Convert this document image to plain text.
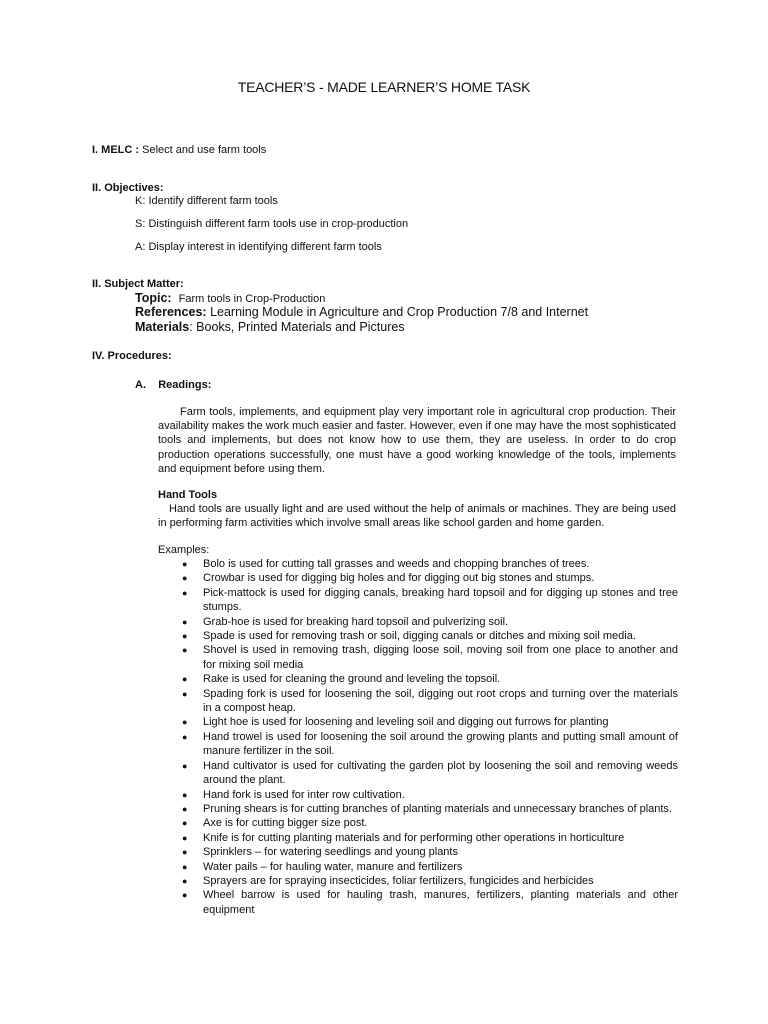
TEACHER’S - MADE LEARNER’S HOME TASK
I. MELC : Select and use farm tools
II. Objectives:
K: Identify different farm tools
S: Distinguish different farm tools use in crop-production
A: Display interest in identifying different farm tools
II. Subject Matter:
Topic: Farm tools in Crop-Production
References: Learning Module in Agriculture and Crop Production 7/8 and Internet
Materials: Books, Printed Materials and Pictures
IV. Procedures:
A.    Readings:
Farm tools, implements, and equipment play very important role in agricultural crop production. Their availability makes the work much easier and faster. However, even if one may have the most sophisticated tools and implements, but does not know how to use them, they are useless. In order to do crop production operations successfully, one must have a good working knowledge of the tools, implements and equipment before using them.
Hand Tools
Hand tools are usually light and are used without the help of animals or machines. They are being used in performing farm activities which involve small areas like school garden and home garden.
Examples:
● Bolo is used for cutting tall grasses and weeds and chopping branches of trees.
● Crowbar is used for digging big holes and for digging out big stones and stumps.
● Pick-mattock is used for digging canals, breaking hard topsoil and for digging up stones and tree stumps.
● Grab-hoe is used for breaking hard topsoil and pulverizing soil.
● Spade is used for removing trash or soil, digging canals or ditches and mixing soil media.
● Shovel is used in removing trash, digging loose soil, moving soil from one place to another and for mixing soil media
● Rake is used for cleaning the ground and leveling the topsoil.
● Spading fork is used for loosening the soil, digging out root crops and turning over the materials in a compost heap.
● Light hoe is used for loosening and leveling soil and digging out furrows for planting
● Hand trowel is used for loosening the soil around the growing plants and putting small amount of manure fertilizer in the soil.
● Hand cultivator is used for cultivating the garden plot by loosening the soil and removing weeds around the plant.
● Hand fork is used for inter row cultivation.
● Pruning shears is for cutting branches of planting materials and unnecessary branches of plants.
● Axe is for cutting bigger size post.
● Knife is for cutting planting materials and for performing other operations in horticulture
● Sprinklers – for watering seedlings and young plants
● Water pails – for hauling water, manure and fertilizers
● Sprayers are for spraying insecticides, foliar fertilizers, fungicides and herbicides
● Wheel barrow is used for hauling trash, manures, fertilizers, planting materials and other equipment
